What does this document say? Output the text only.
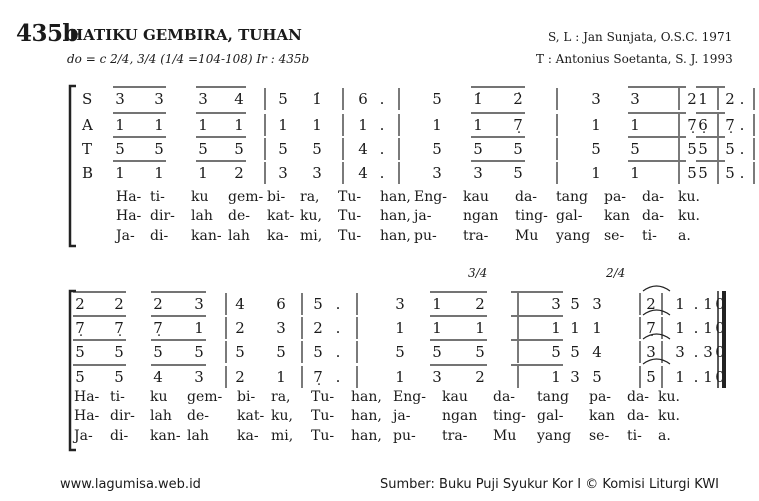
435b
HATIKU GEMBIRA, TUHAN
do = c 2/4, 3/4 (1/4 =104-108) Ir : 435b
S, L : Jan Sunjata, O.S.C. 1971
T : Antonius Soetanta, S. J. 1993
3/4	2/4
S
A
T
B
3 3 3 4 5 1̇ 6 .	5 1̇ 2̇	3 3	2 1 2 .
1 1 1 1 1 1 1 .	1 1 7̣	1 1	7̣ 6̣ 7̣ .
5 5 5 5 5 5 4 .	5 5 5	5 5	5 5 5 .
1 1 1 2 3 3 4 .	3 3 5	1 1	5 5 5 .
Ha- ti- ku gem- bi- ra, Tu- han, Eng- kau da- tang pa- da- ku.
Ha- dir- lah de- kat- ku, Tu- han, ja- ngan ting- gal- kan da- ku.
Ja- di- kan- lah ka- mi, Tu- han, pu- tra- Mu yang se- ti- a.
2 2 2 3 4 6 5 .	3 1 2	3 5 3	2 1 . 1 0
7̣ 7̣ 7̣ 1 2 3 2 .	1 1 1	1 1 1	7̣ 1 . 1 0
5 5 5 5 5 5 5 .	5 5 5	5 5 4	3 3 . 3 0
5 5 4 3 2 1 7̣ .	1 3 2	1 3 5	5 1 . 1 0
Ha- ti- ku gem- bi- ra, Tu- han, Eng- kau da- tang pa- da- ku.
Ha- dir- lah de- kat- ku, Tu- han, ja- ngan ting- gal- kan da- ku.
Ja- di- kan- lah ka- mi, Tu- han, pu- tra- Mu yang se- ti- a.
www.lagumisa.web.id	Sumber: Buku Puji Syukur Kor I © Komisi Liturgi KWI
